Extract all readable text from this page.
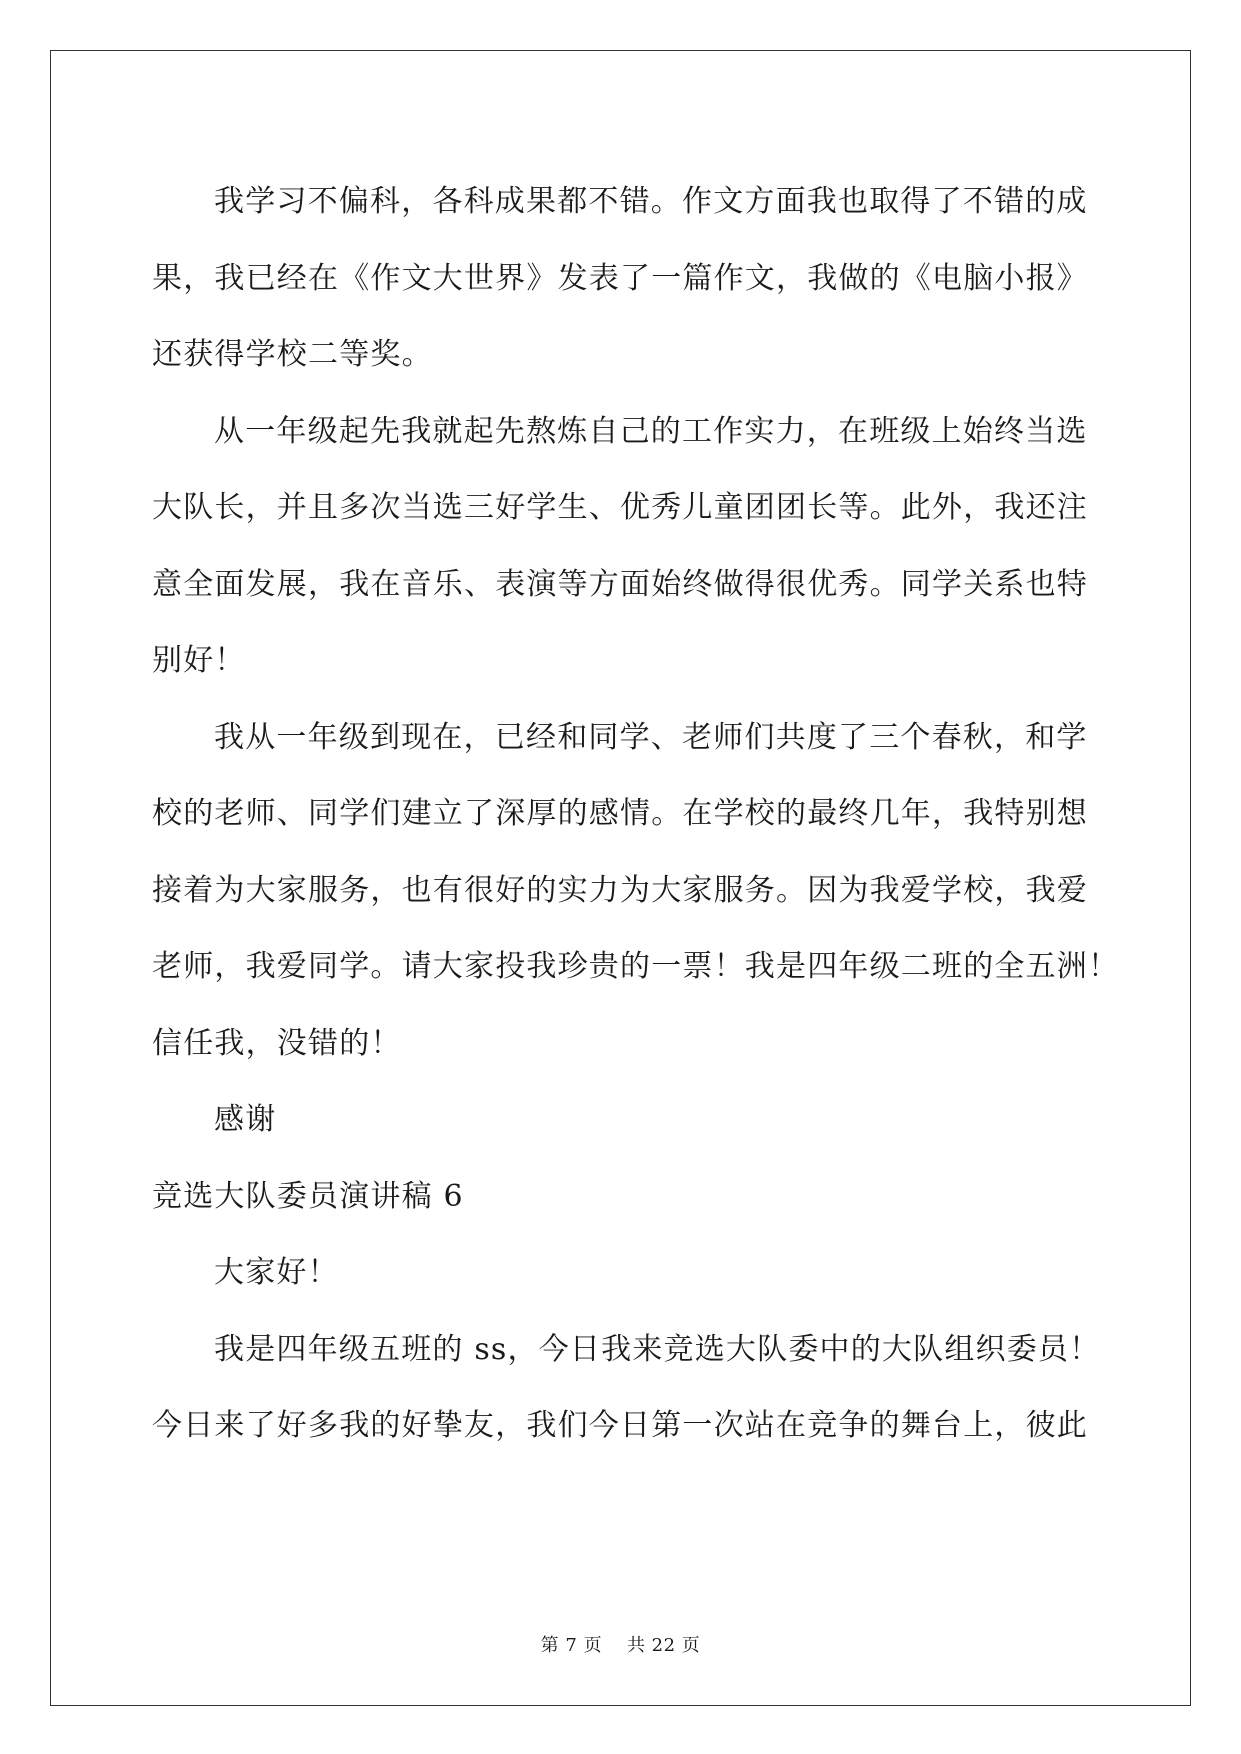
我学习不偏科，各科成果都不错。作文方面我也取得了不错的成

果，我已经在《作文大世界》发表了一篇作文，我做的《电脑小报》

还获得学校二等奖。

从一年级起先我就起先熬炼自己的工作实力，在班级上始终当选

大队长，并且多次当选三好学生、优秀儿童团团长等。此外，我还注

意全面发展，我在音乐、表演等方面始终做得很优秀。同学关系也特

别好！

我从一年级到现在，已经和同学、老师们共度了三个春秋，和学

校的老师、同学们建立了深厚的感情。在学校的最终几年，我特别想

接着为大家服务，也有很好的实力为大家服务。因为我爱学校，我爱

老师，我爱同学。请大家投我珍贵的一票！我是四年级二班的全五洲！

信任我，没错的！

感谢

竞选大队委员演讲稿 6

大家好！

我是四年级五班的 ss，今日我来竞选大队委中的大队组织委员！

今日来了好多我的好挚友，我们今日第一次站在竞争的舞台上，彼此

第 7 页    共 22 页
